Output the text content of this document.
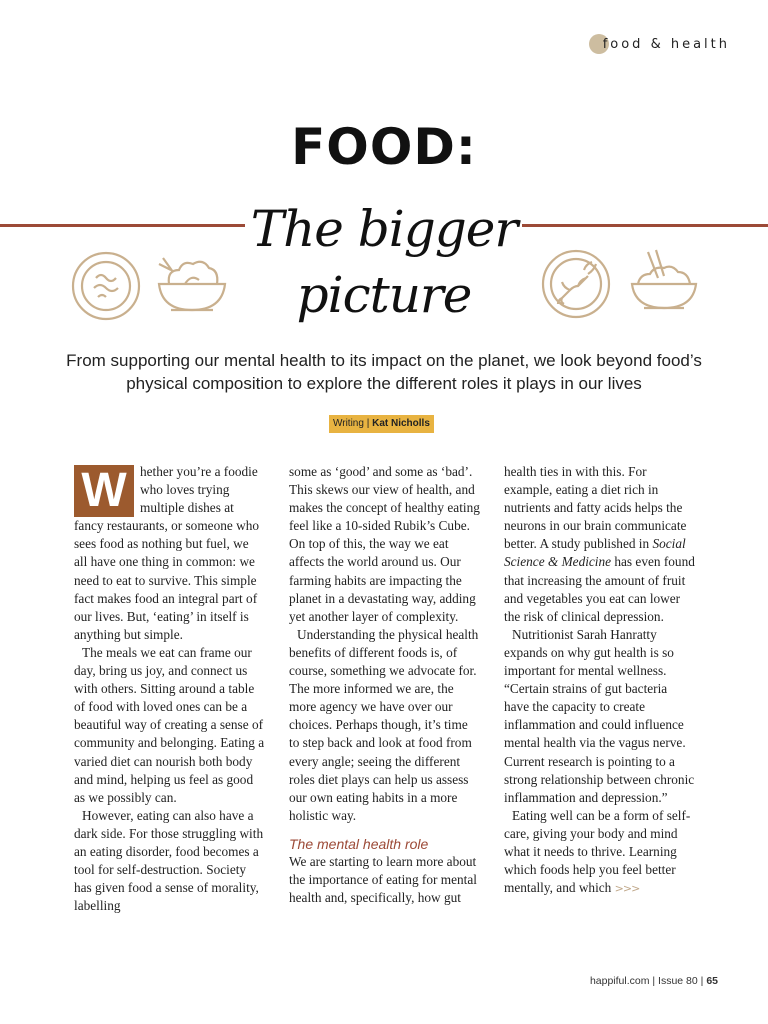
food & health
FOOD:
The bigger
picture
From supporting our mental health to its impact on the planet, we look beyond food’s physical composition to explore the different roles it plays in our lives
Writing | Kat Nicholls
W	hether you’re a foodie who loves trying multiple dishes at fancy restaurants, or someone who sees food as nothing but fuel, we all have one thing in common: we need to eat to survive. This simple fact makes food an integral part of our lives. But, ‘eating’ in itself is anything but simple.

The meals we eat can frame our day, bring us joy, and connect us with others. Sitting around a table of food with loved ones can be a beautiful way of creating a sense of community and belonging. Eating a varied diet can nourish both body and mind, helping us feel as good as we possibly can.

However, eating can also have a dark side. For those struggling with an eating disorder, food becomes a tool for self-destruction. Society has given food a sense of morality, labelling

some as ‘good’ and some as ‘bad’. This skews our view of health, and makes the concept of healthy eating feel like a 10-sided Rubik’s Cube. On top of this, the way we eat affects the world around us. Our farming habits are impacting the planet in a devastating way, adding yet another layer of complexity.

Understanding the physical health benefits of different foods is, of course, something we advocate for. The more informed we are, the more agency we have over our choices. Perhaps though, it’s time to step back and look at food from every angle; seeing the different roles diet plays can help us assess our own eating habits in a more holistic way.

The mental health role

We are starting to learn more about the importance of eating for mental health and, specifically, how gut

health ties in with this. For example, eating a diet rich in nutrients and fatty acids helps the neurons in our brain communicate better. A study published in Social Science & Medicine has even found that increasing the amount of fruit and vegetables you eat can lower the risk of clinical depression.

Nutritionist Sarah Hanratty expands on why gut health is so important for mental wellness. “Certain strains of gut bacteria have the capacity to create inflammation and could influence mental health via the vagus nerve. Current research is pointing to a strong relationship between chronic inflammation and depression.”

Eating well can be a form of self-care, giving your body and mind what it needs to thrive. Learning which foods help you feel better mentally, and which >>>

happiful.com | Issue 80 | 65
